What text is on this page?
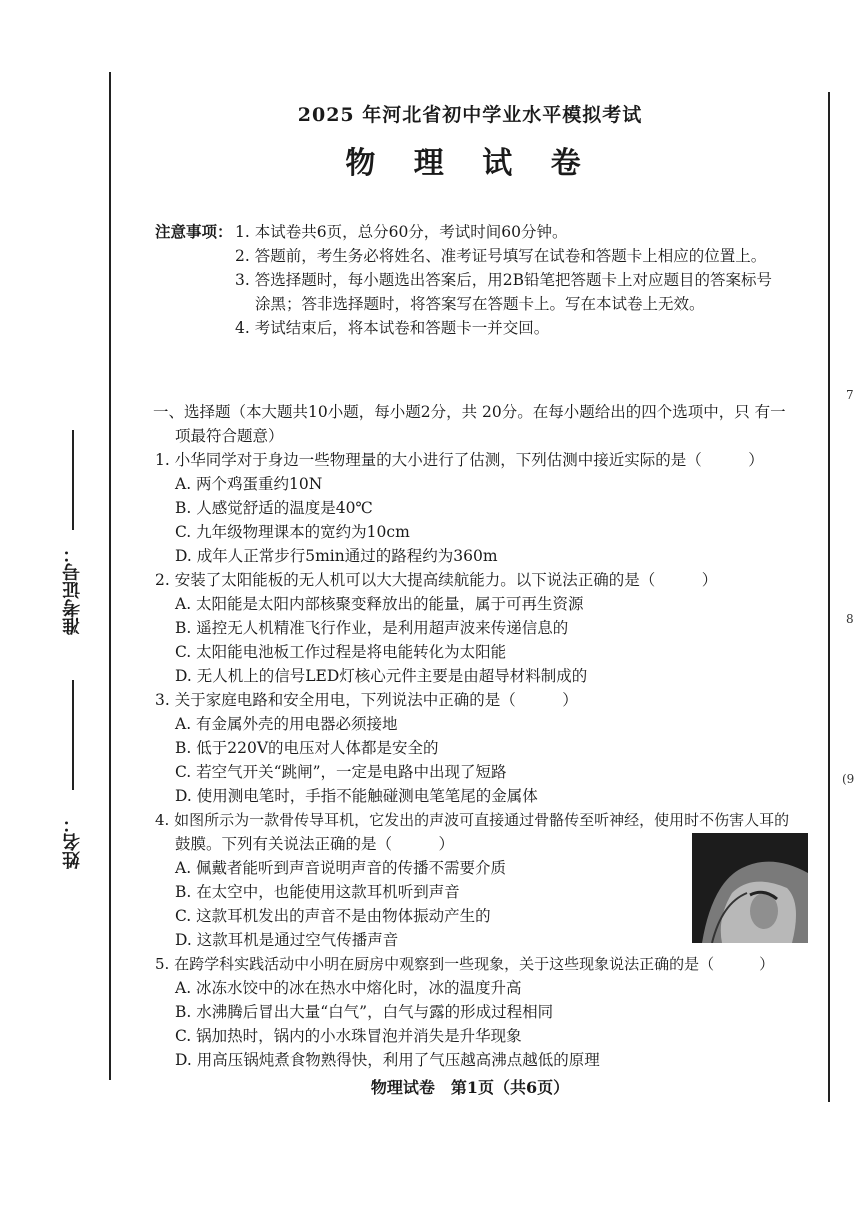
准考证号：
姓名：
7
8
(9
2025 年河北省初中学业水平模拟考试
物 理 试 卷
注意事项： 1. 本试卷共6页，总分60分，考试时间60分钟。
2. 答题前，考生务必将姓名、准考证号填写在试卷和答题卡上相应的位置上。
3. 答选择题时，每小题选出答案后，用2B铅笔把答题卡上对应题目的答案标号
涂黑；答非选择题时，将答案写在答题卡上。写在本试卷上无效。
4. 考试结束后，将本试卷和答题卡一并交回。
一、选择题（本大题共10小题，每小题2分，共 20分。在每小题给出的四个选项中，只 有一
项最符合题意）
1. 小华同学对于身边一些物理量的大小进行了估测，下列估测中接近实际的是（　　　）
A. 两个鸡蛋重约10N
B. 人感觉舒适的温度是40℃
C. 九年级物理课本的宽约为10cm
D. 成年人正常步行5min通过的路程约为360m
2. 安装了太阳能板的无人机可以大大提高续航能力。以下说法正确的是（　　　）
A. 太阳能是太阳内部核聚变释放出的能量，属于可再生资源
B. 遥控无人机精准飞行作业，是利用超声波来传递信息的
C. 太阳能电池板工作过程是将电能转化为太阳能
D. 无人机上的信号LED灯核心元件主要是由超导材料制成的
3. 关于家庭电路和安全用电，下列说法中正确的是（　　　）
A. 有金属外壳的用电器必须接地
B. 低于220V的电压对人体都是安全的
C. 若空气开关“跳闸”，一定是电路中出现了短路
D. 使用测电笔时，手指不能触碰测电笔笔尾的金属体
4. 如图所示为一款骨传导耳机，它发出的声波可直接通过骨骼传至听神经，使用时不伤害人耳的
鼓膜。下列有关说法正确的是（　　　）
A. 佩戴者能听到声音说明声音的传播不需要介质
B. 在太空中，也能使用这款耳机听到声音
C. 这款耳机发出的声音不是由物体振动产生的
D. 这款耳机是通过空气传播声音
5. 在跨学科实践活动中小明在厨房中观察到一些现象，关于这些现象说法正确的是（　　　）
A. 冰冻水饺中的冰在热水中熔化时，冰的温度升高
B. 水沸腾后冒出大量“白气”，白气与露的形成过程相同
C. 锅加热时，锅内的小水珠冒泡并消失是升华现象
D. 用高压锅炖煮食物熟得快，利用了气压越高沸点越低的原理
物理试卷　第1页（共6页）
